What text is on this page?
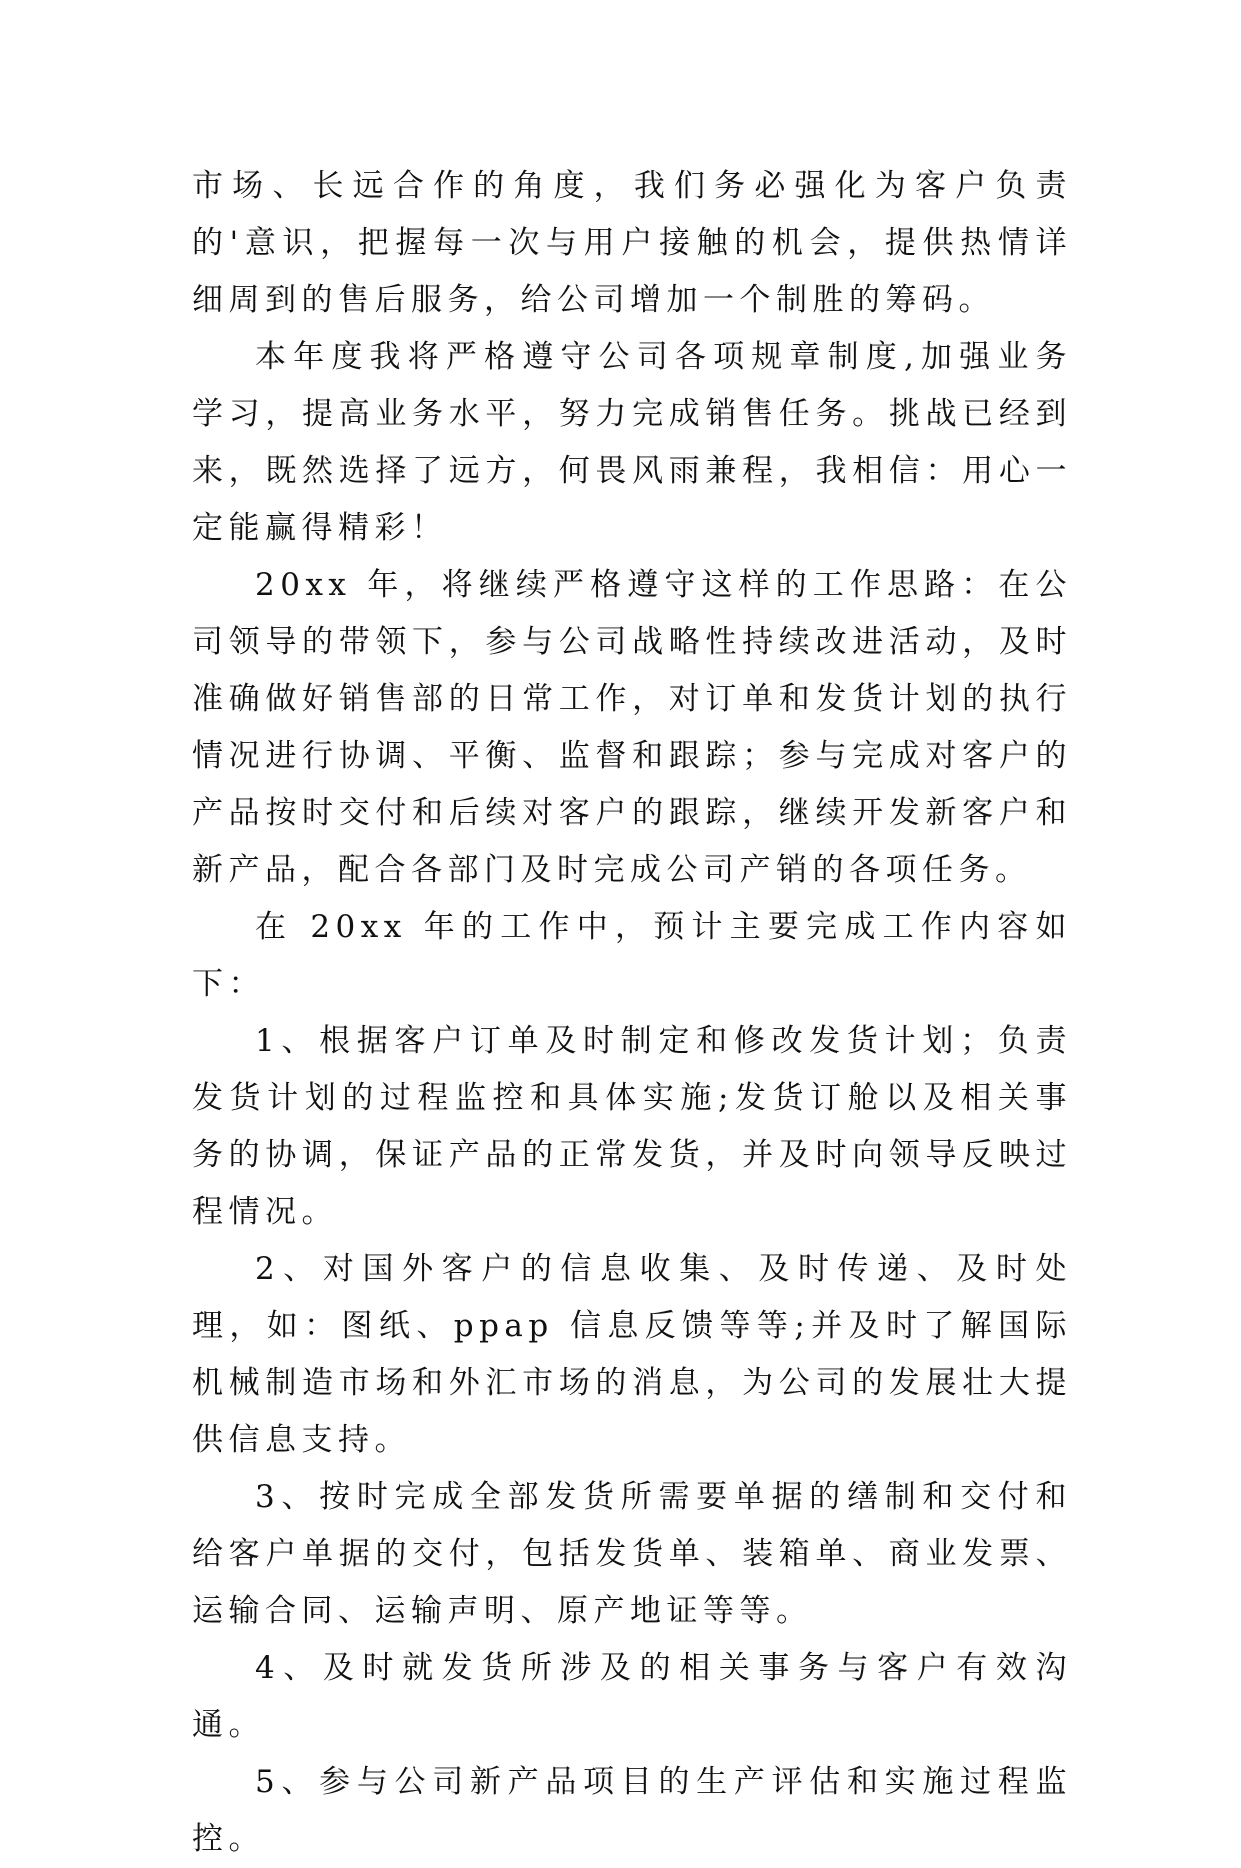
市场、长远合作的角度，我们务必强化为客户负责的'意识，把握每一次与用户接触的机会，提供热情详细周到的售后服务，给公司增加一个制胜的筹码。

本年度我将严格遵守公司各项规章制度,加强业务学习，提高业务水平，努力完成销售任务。挑战已经到来，既然选择了远方，何畏风雨兼程，我相信：用心一定能赢得精彩！

20xx 年，将继续严格遵守这样的工作思路：在公司领导的带领下，参与公司战略性持续改进活动，及时准确做好销售部的日常工作，对订单和发货计划的执行情况进行协调、平衡、监督和跟踪；参与完成对客户的产品按时交付和后续对客户的跟踪，继续开发新客户和新产品，配合各部门及时完成公司产销的各项任务。

在 20xx 年的工作中，预计主要完成工作内容如下：

1、根据客户订单及时制定和修改发货计划；负责发货计划的过程监控和具体实施;发货订舱以及相关事务的协调，保证产品的正常发货，并及时向领导反映过程情况。

2、对国外客户的信息收集、及时传递、及时处理，如：图纸、ppap 信息反馈等等;并及时了解国际机械制造市场和外汇市场的消息，为公司的发展壮大提供信息支持。

3、按时完成全部发货所需要单据的缮制和交付和给客户单据的交付，包括发货单、装箱单、商业发票、运输合同、运输声明、原产地证等等。

4、及时就发货所涉及的相关事务与客户有效沟通。

5、参与公司新产品项目的生产评估和实施过程监控。
